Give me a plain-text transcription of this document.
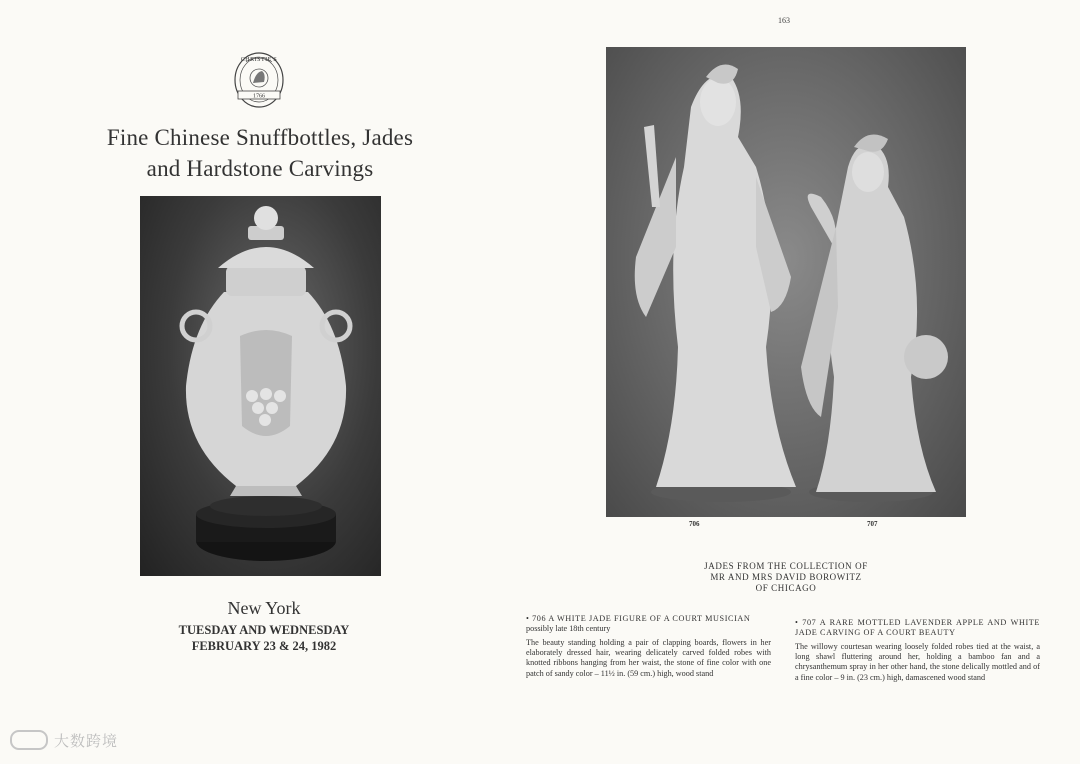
CHRISTIE'S
1766
Fine Chinese Snuffbottles, Jades
and Hardstone Carvings
New York
TUESDAY AND WEDNESDAY
FEBRUARY 23 & 24, 1982
大数跨境
163
706	707
JADES FROM THE COLLECTION OF
MR AND MRS DAVID BOROWITZ
OF CHICAGO

• 706 A WHITE JADE FIGURE OF A COURT MUSICIAN

possibly late 18th century

The beauty standing holding a pair of clapping boards, flowers in her elaborately dressed hair, wearing delicately carved folded robes with knotted ribbons hanging from her waist, the stone of fine color with one patch of sandy color – 11½ in. (59 cm.) high, wood stand

• 707 A RARE MOTTLED LAVENDER APPLE AND WHITE JADE CARVING OF A COURT BEAUTY

The willowy courtesan wearing loosely folded robes tied at the waist, a long shawl fluttering around her, holding a bamboo fan and a chrysanthemum spray in her other hand, the stone delically mottled and of a fine color – 9 in. (23 cm.) high, damascened wood stand
